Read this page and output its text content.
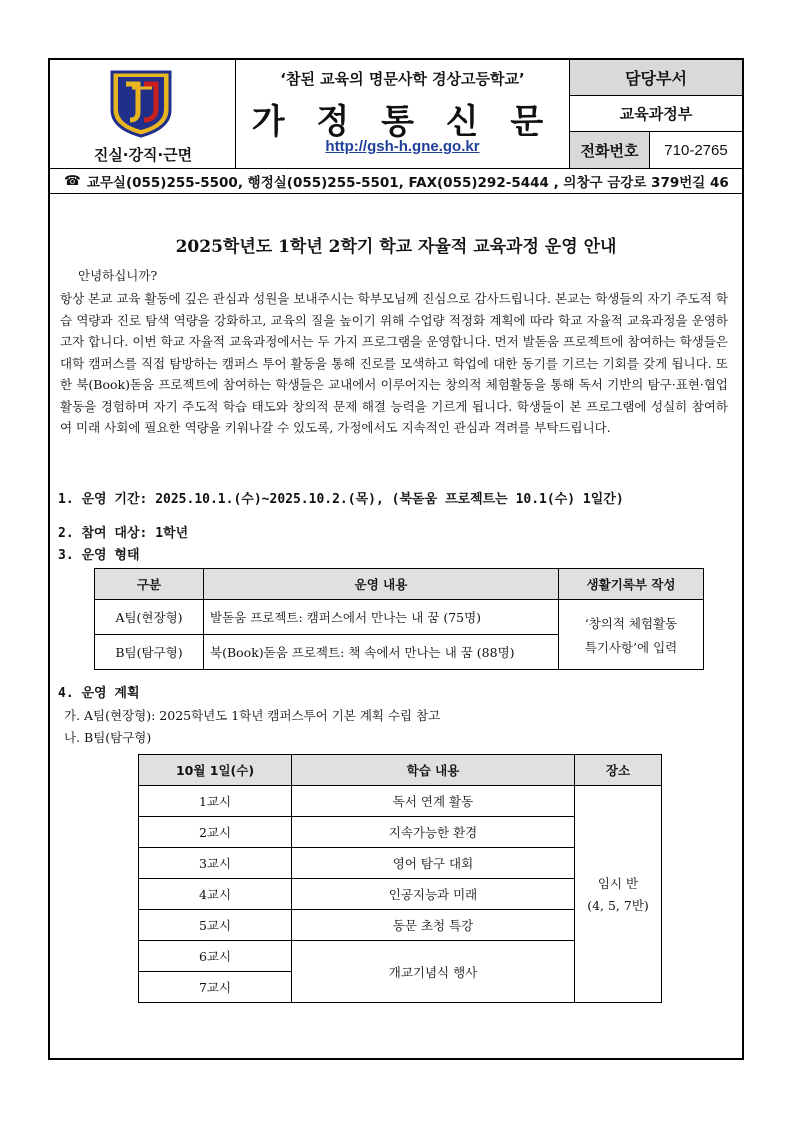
진실·강직·근면
‘참된 교육의 명문사학 경상고등학교’
가 정 통 신 문
http://gsh-h.gne.go.kr
담당부서
교육과정부
전화번호	710-2765
☎ 교무실(055)255-5500, 행정실(055)255-5501, FAX(055)292-5444 , 의창구 금강로 379번길 46
2025학년도 1학년 2학기 학교 자율적 교육과정 운영 안내
안녕하십니까?

항상 본교 교육 활동에 깊은 관심과 성원을 보내주시는 학부모님께 진심으로 감사드립니다. 본교는 학생들의 자기 주도적 학습 역량과 진로 탐색 역량을 강화하고, 교육의 질을 높이기 위해 수업량 적정화 계획에 따라 학교 자율적 교육과정을 운영하고자 합니다. 이번 학교 자율적 교육과정에서는 두 가지 프로그램을 운영합니다. 먼저 발돋움 프로젝트에 참여하는 학생들은 대학 캠퍼스를 직접 탐방하는 캠퍼스 투어 활동을 통해 진로를 모색하고 학업에 대한 동기를 기르는 기회를 갖게 됩니다. 또한 북(Book)돋움 프로젝트에 참여하는 학생들은 교내에서 이루어지는 창의적 체험활동을 통해 독서 기반의 탐구·표현·협업 활동을 경험하며 자기 주도적 학습 태도와 창의적 문제 해결 능력을 기르게 됩니다. 학생들이 본 프로그램에 성실히 참여하여 미래 사회에 필요한 역량을 키워나갈 수 있도록, 가정에서도 지속적인 관심과 격려를 부탁드립니다.

1. 운영 기간: 2025.10.1.(수)~2025.10.2.(목), (북돋움 프로젝트는 10.1(수) 1일간)
2. 참여 대상: 1학년
3. 운영 형태
구분	운영 내용	생활기록부 작성
A팀(현장형)	발돋움 프로젝트: 캠퍼스에서 만나는 내 꿈 (75명)	‘창의적 체험활동
특기사항’에 입력

B팀(탐구형)	북(Book)돋움 프로젝트: 책 속에서 만나는 내 꿈 (88명)	
4. 운영 계획
가. A팀(현장형): 2025학년도 1학년 캠퍼스투어 기본 계획 수립 참고
나. B팀(탐구형)
10월 1일(수)	학습 내용	장소
1교시	독서 연계 활동	임시 반
(4, 5, 7반)

2교시	지속가능한 환경	
3교시	영어 탐구 대회	
4교시	인공지능과 미래	
5교시	동문 초청 특강	
6교시	개교기념식 행사	
7교시		
